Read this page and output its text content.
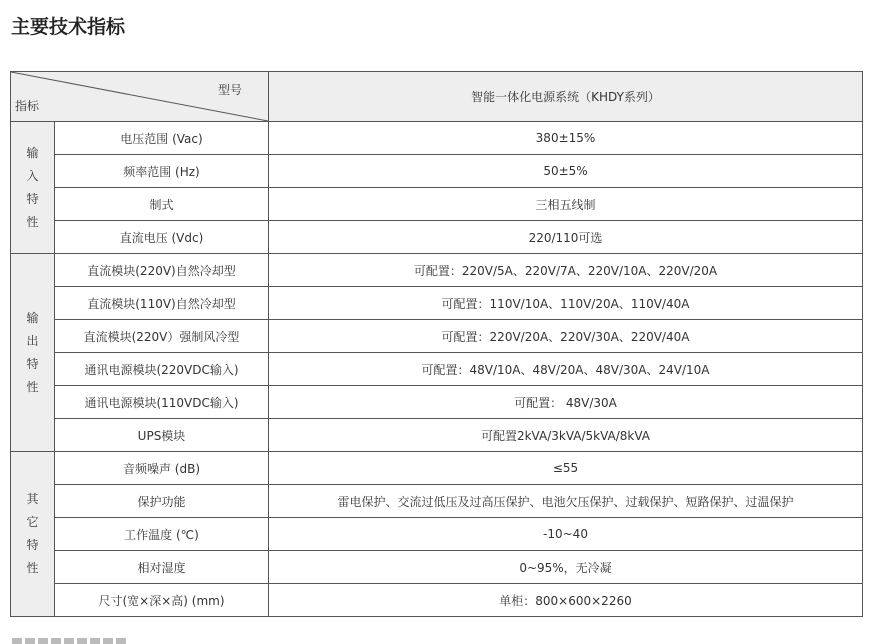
主要技术指标
型号
指标		智能一体化电源系统（KHDY系列）
输入特性	电压范围 (Vac)	380±15%
	频率范围 (Hz)	50±5%
	制式	三相五线制
	直流电压 (Vdc)	220/110可选
输出特性	直流模块(220V)自然冷却型	可配置：220V/5A、220V/7A、220V/10A、220V/20A
	直流模块(110V)自然冷却型	可配置：110V/10A、110V/20A、110V/40A
	直流模块(220V）强制风冷型	可配置：220V/20A、220V/30A、220V/40A
	通讯电源模块(220VDC输入)	可配置：48V/10A、48V/20A、48V/30A、24V/10A
	通讯电源模块(110VDC输入)	可配置： 48V/30A
	UPS模块	可配置2kVA/3kVA/5kVA/8kVA
其它特性	音频噪声 (dB)	≤55
	保护功能	雷电保护、交流过低压及过高压保护、电池欠压保护、过载保护、短路保护、过温保护
	工作温度 (℃)	-10~40
	相对湿度	0~95%，无冷凝
	尺寸(宽×深×高) (mm)	单柜：800×600×2260
